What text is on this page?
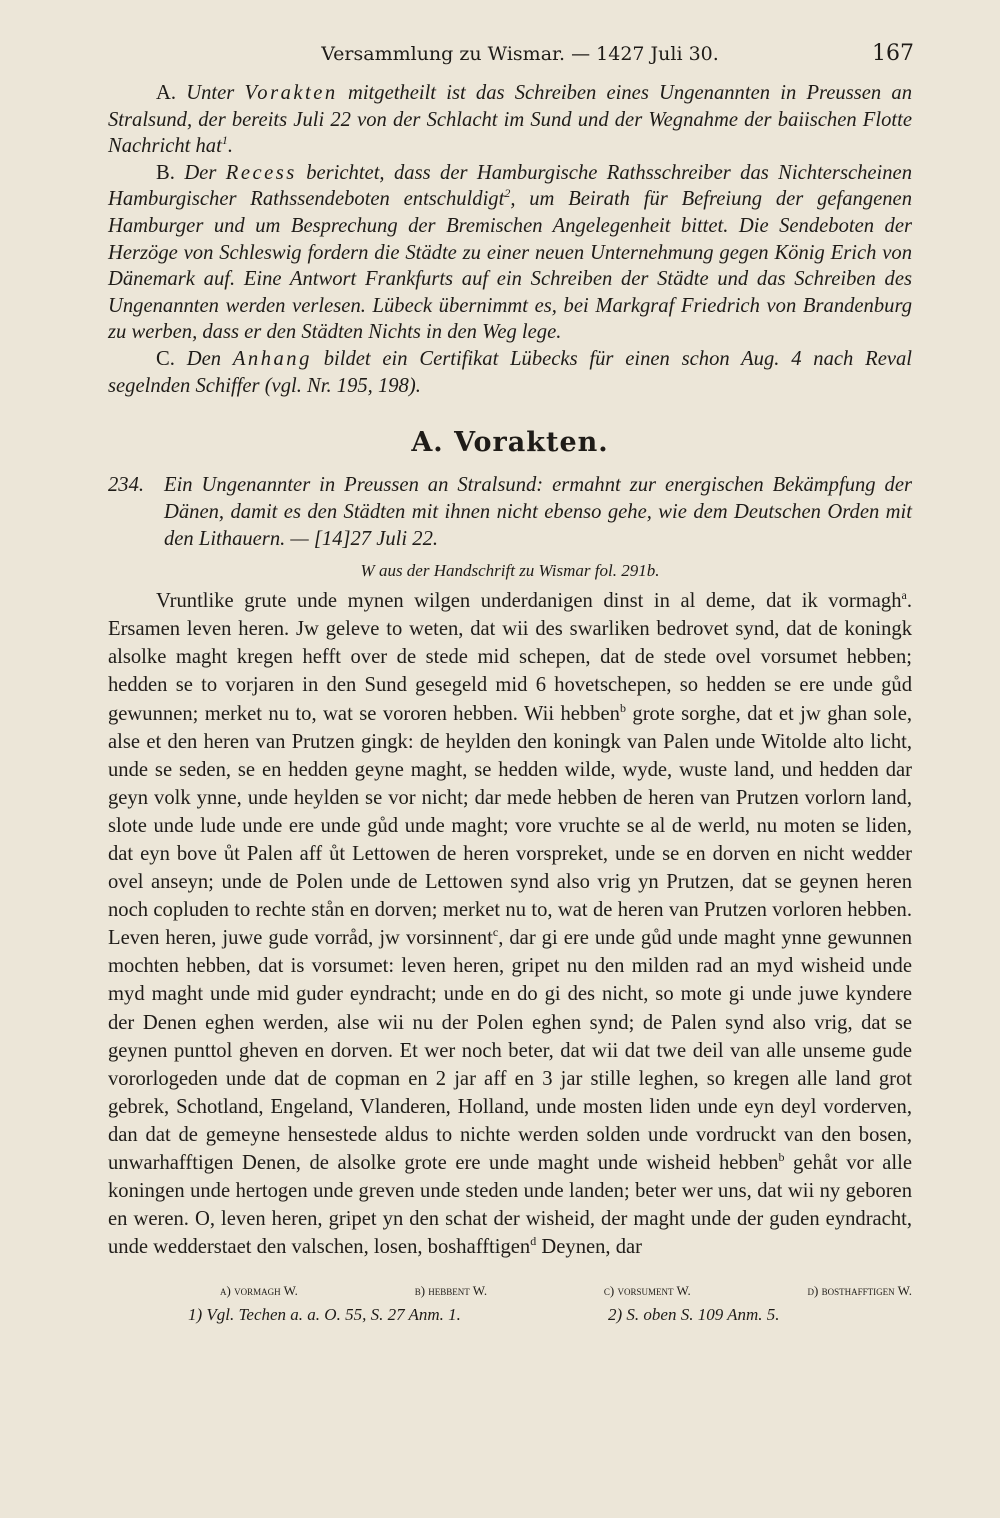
Versammlung zu Wismar. — 1427 Juli 30.	167

A. Unter Vorakten mitgetheilt ist das Schreiben eines Ungenannten in Preussen an Stralsund, der bereits Juli 22 von der Schlacht im Sund und der Wegnahme der baiischen Flotte Nachricht hat$^1$.

B. Der Recess berichtet, dass der Hamburgische Rathsschreiber das Nichterscheinen Hamburgischer Rathssendeboten entschuldigt$^2$, um Beirath für Befreiung der gefangenen Hamburger und um Besprechung der Bremischen Angelegenheit bittet. Die Sendeboten der Herzöge von Schleswig fordern die Städte zu einer neuen Unternehmung gegen König Erich von Dänemark auf. Eine Antwort Frankfurts auf ein Schreiben der Städte und das Schreiben des Ungenannten werden verlesen. Lübeck übernimmt es, bei Markgraf Friedrich von Brandenburg zu werben, dass er den Städten Nichts in den Weg lege.

C. Den Anhang bildet ein Certifikat Lübecks für einen schon Aug. 4 nach Reval segelnden Schiffer (vgl. Nr. 195, 198).

A. Vorakten.
234. Ein Ungenannter in Preussen an Stralsund: ermahnt zur energischen Bekämpfung der Dänen, damit es den Städten mit ihnen nicht ebenso gehe, wie dem Deutschen Orden mit den Lithauern. — [14]27 Juli 22.
W aus der Handschrift zu Wismar fol. 291b.

Vruntlike grute unde mynen wilgen underdanigen dinst in al deme, dat ik vormagh$^a$. Ersamen leven heren. Jw geleve to weten, dat wii des swarliken bedrovet synd, dat de koningk alsolke maght kregen hefft over de stede mid schepen, dat de stede ovel vorsumet hebben; hedden se to vorjaren in den Sund gesegeld mid 6 hovetschepen, so hedden se ere unde gůd gewunnen; merket nu to, wat se vororen hebben. Wii hebben$^b$ grote sorghe, dat et jw ghan sole, alse et den heren van Prutzen gingk: de heylden den koningk van Palen unde Witolde alto licht, unde se seden, se en hedden geyne maght, se hedden wilde, wyde, wuste land, und hedden dar geyn volk ynne, unde heylden se vor nicht; dar mede hebben de heren van Prutzen vorlorn land, slote unde lude unde ere unde gůd unde maght; vore vruchte se al de werld, nu moten se liden, dat eyn bove ůt Palen aff ůt Lettowen de heren vorspreket, unde se en dorven en nicht wedder ovel anseyn; unde de Polen unde de Lettowen synd also vrig yn Prutzen, dat se geynen heren noch copluden to rechte stån en dorven; merket nu to, wat de heren van Prutzen vorloren hebben. Leven heren, juwe gude vorråd, jw vorsinnent$^c$, dar gi ere unde gůd unde maght ynne gewunnen mochten hebben, dat is vorsumet: leven heren, gripet nu den milden rad an myd wisheid unde myd maght unde mid guder eyndracht; unde en do gi des nicht, so mote gi unde juwe kyndere der Denen eghen werden, alse wii nu der Polen eghen synd; de Palen synd also vrig, dat se geynen punttol gheven en dorven. Et wer noch beter, dat wii dat twe deil van alle unseme gude vororlogeden unde dat de copman en 2 jar aff en 3 jar stille leghen, so kregen alle land grot gebrek, Schotland, Engeland, Vlanderen, Holland, unde mosten liden unde eyn deyl vorderven, dan dat de gemeyne hensestede aldus to nichte werden solden unde vordruckt van den bosen, unwarhafftigen Denen, de alsolke grote ere unde maght unde wisheid hebben$^b$ gehåt vor alle koningen unde hertogen unde greven unde steden unde landen; beter wer uns, dat wii ny geboren en weren. O, leven heren, gripet yn den schat der wisheid, der maght unde der guden eyndracht, unde wedderstaet den valschen, losen, boshafftigen$^d$ Deynen, dar

a) vormagh W.	b) hebbent W.	c) vorsument W.	d) bosthafftigen W.
1) Vgl. Techen a. a. O. 55, S. 27 Anm. 1.	2) S. oben S. 109 Anm. 5.
